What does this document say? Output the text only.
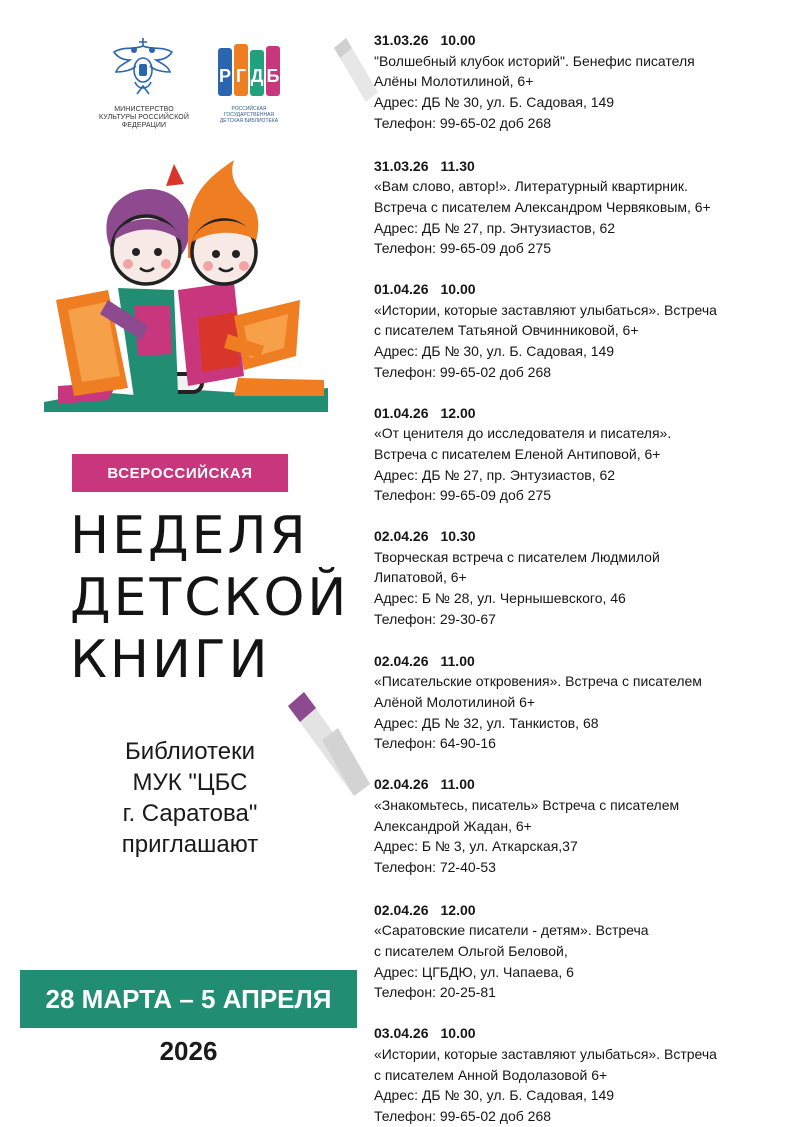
МИНИСТЕРСТВО КУЛЬТУРЫ РОССИЙСКОЙ ФЕДЕРАЦИИ
Р Г Д Б
РОССИЙСКАЯ ГОСУДАРСТВЕННАЯ ДЕТСКАЯ БИБЛИОТЕКА
ВСЕРОССИЙСКАЯ
НЕДЕЛЯ
ДЕТСКОЙ
КНИГИ
Библиотеки
МУК "ЦБС
г. Саратова"
приглашают
28 МАРТА – 5 АПРЕЛЯ
2026
31.03.26 10.00
"Волшебный клубок историй". Бенефис писателя
Алёны Молотилиной, 6+
Адрес: ДБ № 30, ул. Б. Садовая, 149
Телефон: 99-65-02 доб 268
31.03.26 11.30
«Вам слово, автор!». Литературный квартирник.
Встреча с писателем Александром Червяковым, 6+
Адрес: ДБ № 27, пр. Энтузиастов, 62
Телефон: 99-65-09 доб 275
01.04.26 10.00
«Истории, которые заставляют улыбаться». Встреча
с писателем Татьяной Овчинниковой, 6+
Адрес: ДБ № 30, ул. Б. Садовая, 149
Телефон: 99-65-02 доб 268
01.04.26 12.00
«От ценителя до исследователя и писателя».
Встреча с писателем Еленой Антиповой, 6+
Адрес: ДБ № 27, пр. Энтузиастов, 62
Телефон: 99-65-09 доб 275
02.04.26 10.30
Творческая встреча с писателем Людмилой
Липатовой, 6+
Адрес: Б № 28, ул. Чернышевского, 46
Телефон: 29-30-67
02.04.26 11.00
«Писательские откровения». Встреча с писателем
Алёной Молотилиной 6+
Адрес: ДБ № 32, ул. Танкистов, 68
Телефон: 64-90-16
02.04.26 11.00
«Знакомьтесь, писатель» Встреча с писателем
Александрой Жадан, 6+
Адрес: Б № 3, ул. Аткарская,37
Телефон: 72-40-53
02.04.26 12.00
«Саратовские писатели - детям». Встреча
с писателем Ольгой Беловой,
Адрес: ЦГБДЮ, ул. Чапаева, 6
Телефон: 20-25-81
03.04.26 10.00
«Истории, которые заставляют улыбаться». Встреча
с писателем Анной Водолазовой 6+
Адрес: ДБ № 30, ул. Б. Садовая, 149
Телефон: 99-65-02 доб 268
